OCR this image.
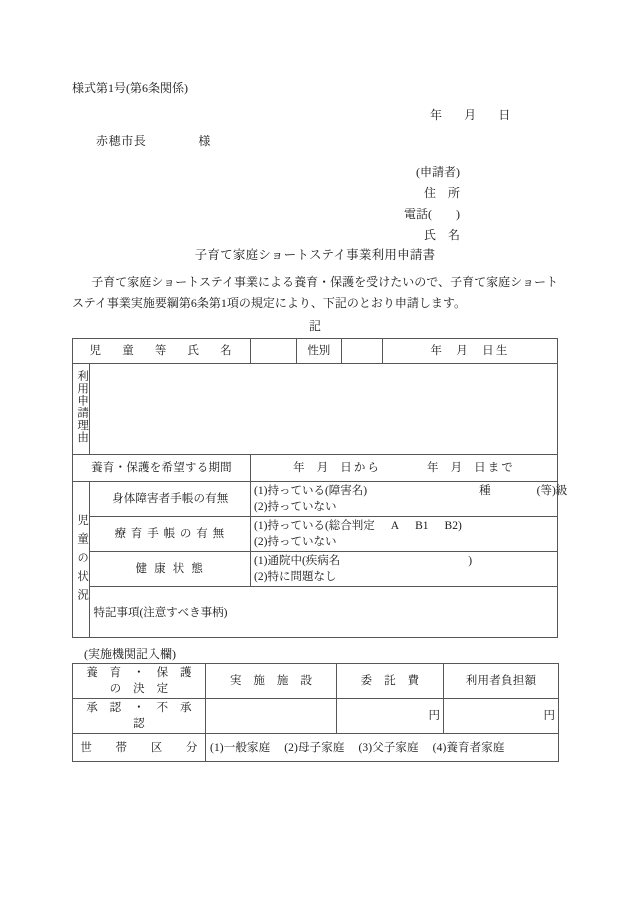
様式第1号(第6条関係)
年 月 日
赤穂市長	様
(申請者)
住　所
電話(　　)
氏　名
子育て家庭ショートステイ事業利用申請書
子育て家庭ショートステイ事業による養育・保護を受けたいので、子育て家庭ショートステイ事業実施要綱第6条第1項の規定により、下記のとおり申請します。
記
児　童　等　氏　名			性別		年 月 日生
利用申請理由					
養育・保護を希望する期間		年 月 日から 年 月 日まで			
児童の状況	身体障害者手帳の有無	(1)持っている(障害名) 種 (等)級
(2)持っていない			

	療育手帳の有無	(1)持っている(総合判定 A B1 B2)
(2)持っていない			

	健康状態	(1)通院中(疾病名 )
(2)特に問題なし			

	特記事項(注意すべき事柄)				
(実施機関記入欄)
養　育　・　保　護　の　決　定	実　施　施　設	委　託　費	利用者負担額
承　認　・　不　承　認		円	円
世　　帯　　区　　分	(1)一般家庭 (2)母子家庭 (3)父子家庭 (4)養育者家庭		
